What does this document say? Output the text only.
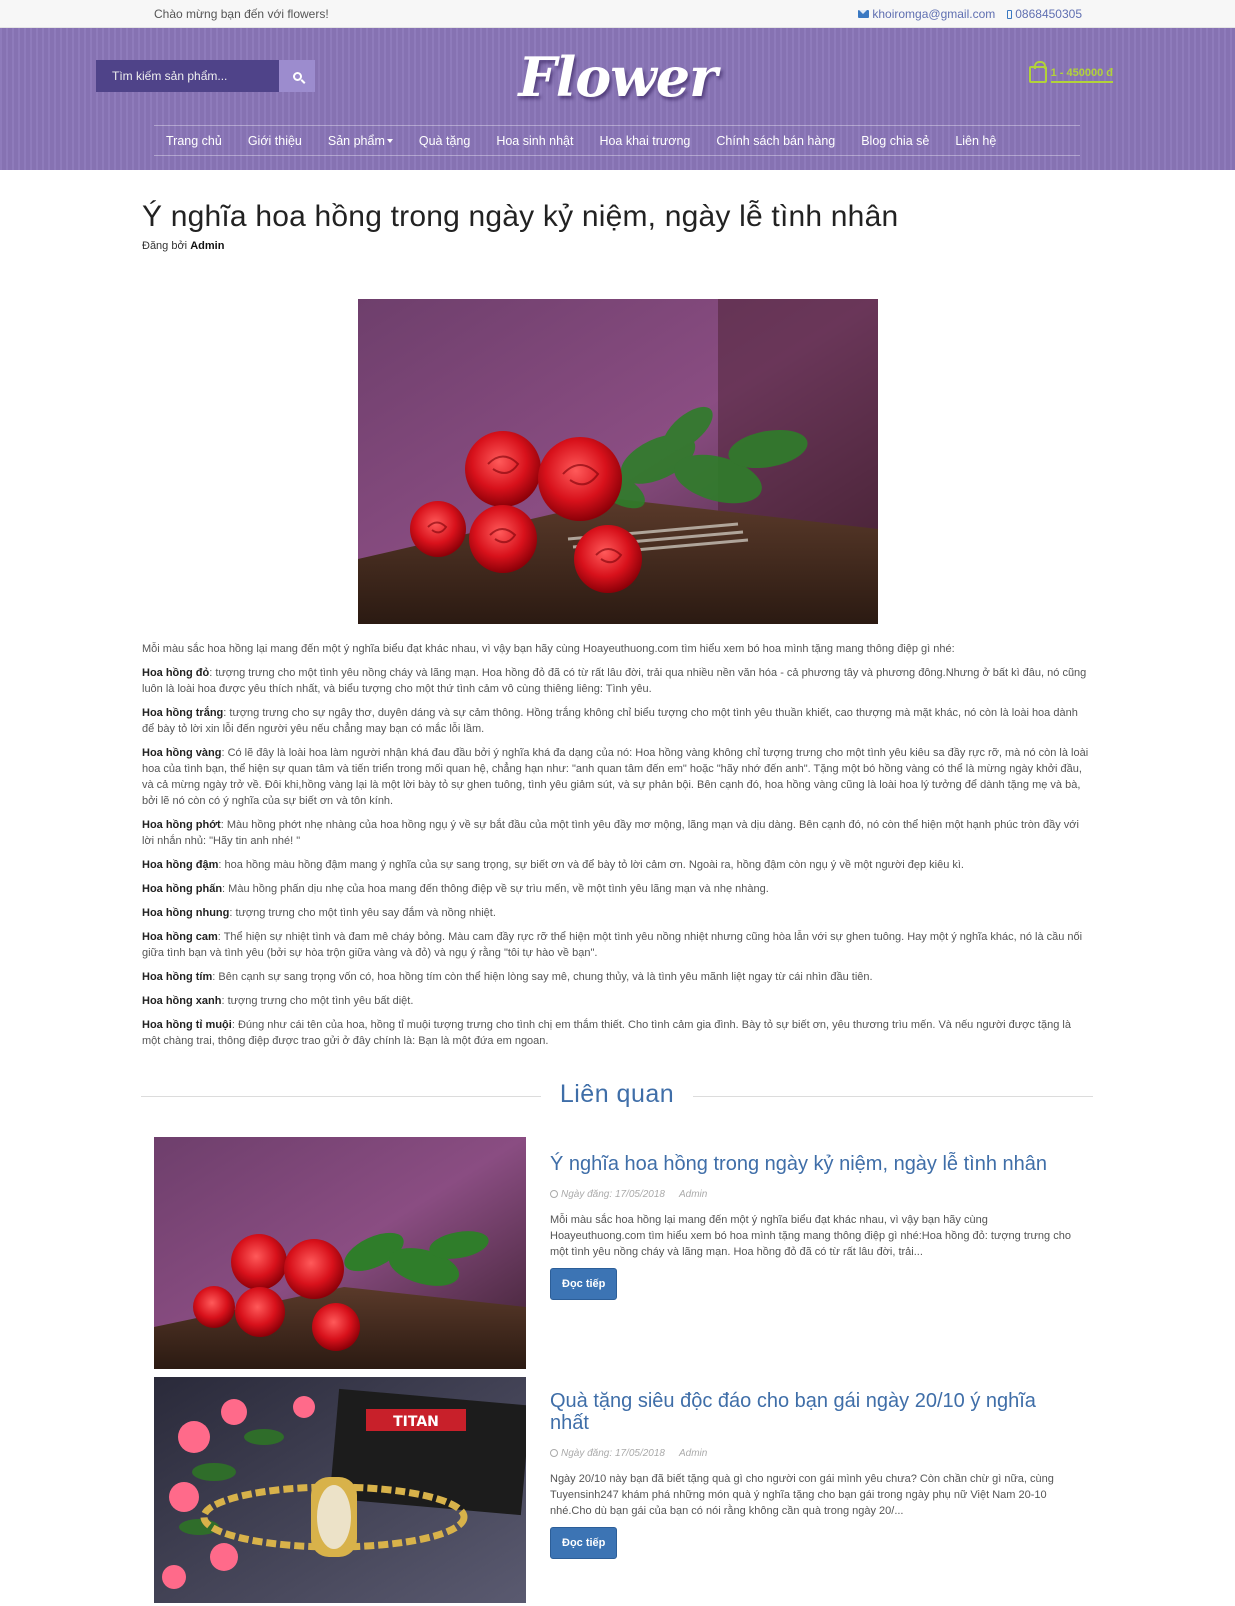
Chào mừng bạn đến với flowers!	khoiromga@gmail.com 0868450305
Tìm kiếm sản phẩm...
Flower	1 - 450000 đ
Trang chủ Giới thiệu Sản phẩm	Quà tặng Hoa sinh nhật Hoa khai trương Chính sách bán hàng Blog chia sẻ Liên hệ
Ý nghĩa hoa hồng trong ngày kỷ niệm, ngày lễ tình nhân
Đăng bởi Admin

Mỗi màu sắc hoa hồng lại mang đến một ý nghĩa biểu đạt khác nhau, vì vậy bạn hãy cùng Hoayeuthuong.com tìm hiểu xem bó hoa mình tặng mang thông điệp gì nhé:

Hoa hồng đỏ: tượng trưng cho một tình yêu nồng cháy và lãng mạn. Hoa hồng đỏ đã có từ rất lâu đời, trải qua nhiều nền văn hóa - cả phương tây và phương đông.Nhưng ở bất kì đâu, nó cũng luôn là loài hoa được yêu thích nhất, và biểu tượng cho một thứ tình cảm vô cùng thiêng liêng: Tình yêu.

Hoa hồng trắng: tượng trưng cho sự ngây thơ, duyên dáng và sự cảm thông. Hồng trắng không chỉ biểu tượng cho một tình yêu thuần khiết, cao thượng mà mặt khác, nó còn là loài hoa dành để bày tỏ lời xin lỗi đến người yêu nếu chẳng may bạn có mắc lỗi lầm.

Hoa hồng vàng: Có lẽ đây là loài hoa làm người nhận khá đau đầu bởi ý nghĩa khá đa dạng của nó: Hoa hồng vàng không chỉ tượng trưng cho một tình yêu kiêu sa đầy rực rỡ, mà nó còn là loài hoa của tình bạn, thể hiện sự quan tâm và tiến triển trong mối quan hệ, chẳng hạn như: "anh quan tâm đến em" hoặc "hãy nhớ đến anh". Tặng một bó hồng vàng có thể là mừng ngày khởi đầu, và cả mừng ngày trở về. Đôi khi,hồng vàng lại là một lời bày tỏ sự ghen tuông, tình yêu giảm sút, và sự phản bội. Bên cạnh đó, hoa hồng vàng cũng là loài hoa lý tưởng để dành tặng mẹ và bà, bởi lẽ nó còn có ý nghĩa của sự biết ơn và tôn kính.

Hoa hồng phớt: Màu hồng phớt nhẹ nhàng của hoa hồng ngụ ý về sự bắt đầu của một tình yêu đầy mơ mộng, lãng mạn và dịu dàng. Bên cạnh đó, nó còn thể hiện một hạnh phúc tròn đầy với lời nhắn nhủ: "Hãy tin anh nhé! "

Hoa hồng đậm: hoa hồng màu hồng đậm mang ý nghĩa của sự sang trọng, sự biết ơn và để bày tỏ lời cảm ơn. Ngoài ra, hồng đậm còn ngụ ý về một người đẹp kiêu kì.

Hoa hồng phấn: Màu hồng phấn dịu nhẹ của hoa mang đến thông điệp về sự trìu mến, về một tình yêu lãng mạn và nhẹ nhàng.

Hoa hồng nhung: tượng trưng cho một tình yêu say đắm và nồng nhiệt.

Hoa hồng cam: Thể hiện sự nhiệt tình và đam mê cháy bỏng. Màu cam đầy rực rỡ thể hiện một tình yêu nồng nhiệt nhưng cũng hòa lẫn với sự ghen tuông. Hay một ý nghĩa khác, nó là cầu nối giữa tình bạn và tình yêu (bởi sự hòa trộn giữa vàng và đỏ) và ngụ ý rằng "tôi tự hào về bạn".

Hoa hồng tím: Bên cạnh sự sang trọng vốn có, hoa hồng tím còn thể hiện lòng say mê, chung thủy, và là tình yêu mãnh liệt ngay từ cái nhìn đầu tiên.

Hoa hồng xanh: tượng trưng cho một tình yêu bất diệt.

Hoa hồng tỉ muội: Đúng như cái tên của hoa, hồng tỉ muội tượng trưng cho tình chị em thắm thiết. Cho tình cảm gia đình. Bày tỏ sự biết ơn, yêu thương trìu mến. Và nếu người được tặng là một chàng trai, thông điệp được trao gửi ở đây chính là: Bạn là một đứa em ngoan.

Liên quan
Ý nghĩa hoa hồng trong ngày kỷ niệm, ngày lễ tình nhân
Ngày đăng: 17/05/2018 Admin
Mỗi màu sắc hoa hồng lại mang đến một ý nghĩa biểu đạt khác nhau, vì vậy bạn hãy cùng Hoayeuthuong.com tìm hiểu xem bó hoa mình tặng mang thông điệp gì nhé:Hoa hồng đỏ: tượng trưng cho một tình yêu nồng cháy và lãng mạn. Hoa hồng đỏ đã có từ rất lâu đời, trải...
Đọc tiếp
TITAN
Quà tặng siêu độc đáo cho bạn gái ngày 20/10 ý nghĩa nhất
Ngày đăng: 17/05/2018 Admin
Ngày 20/10 này bạn đã biết tặng quà gì cho người con gái mình yêu chưa? Còn chần chừ gì nữa, cùng Tuyensinh247 khám phá những món quà ý nghĩa tặng cho bạn gái trong ngày phụ nữ Việt Nam 20-10 nhé.Cho dù bạn gái của bạn có nói rằng không cần quà trong ngày 20/...
Đọc tiếp
